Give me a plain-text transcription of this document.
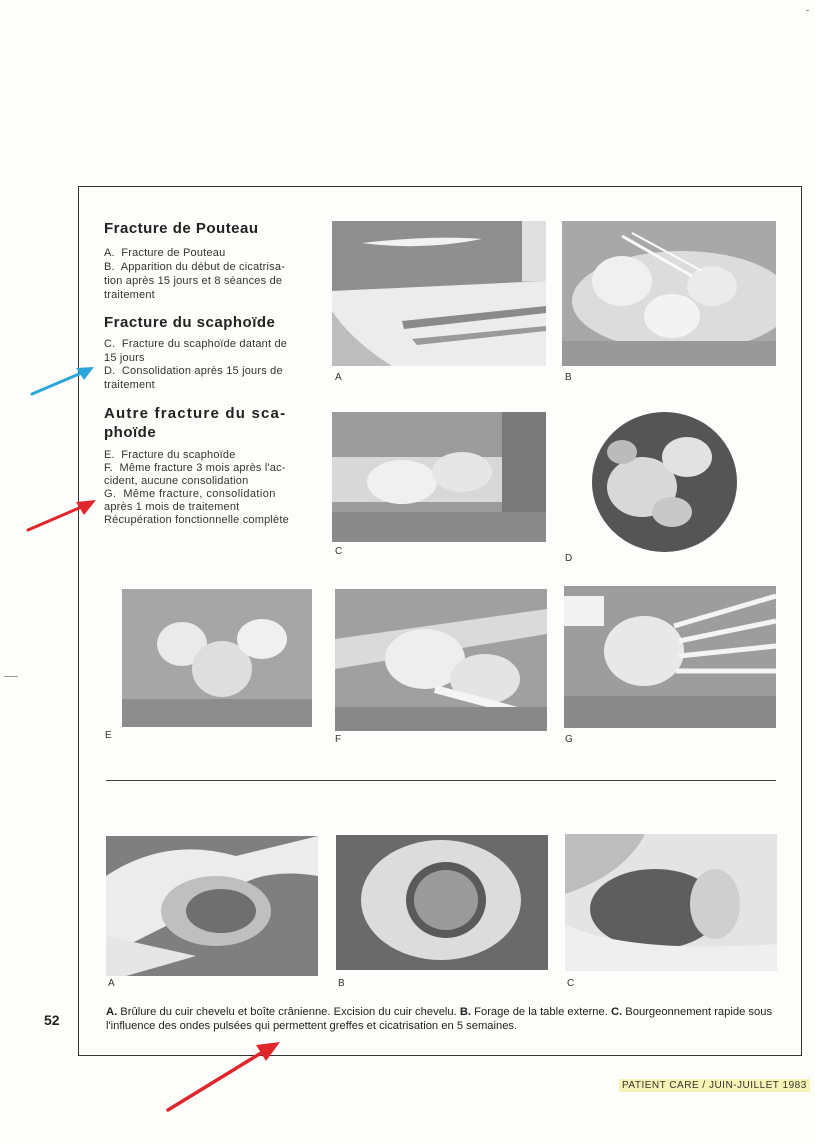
Fracture de Pouteau

A.  Fracture de Pouteau

B.  Apparition du début de cicatrisa-

tion après 15 jours et 8 séances de

traitement

Fracture du scaphoïde

C.  Fracture du scaphoïde datant de

15 jours

D.  Consolidation après 15 jours de

traitement

Autre fracture du sca-

phoïde

E.  Fracture du scaphoïde

F.  Même fracture 3 mois après l'ac-

cident, aucune consolidation

G.  Même fracture, consolidation

après 1 mois de traitement

Récupération fonctionnelle complète

A	B
C
D
E	F	G
A	B	C
A. Brûlure du cuir chevelu et boîte crânienne. Excision du cuir chevelu. B. Forage de la table externe. C. Bourgeonnement rapide sous l'influence des ondes pulsées qui permettent greffes et cicatrisation en 5 semaines.
52
PATIENT CARE / JUIN-JUILLET 1983
